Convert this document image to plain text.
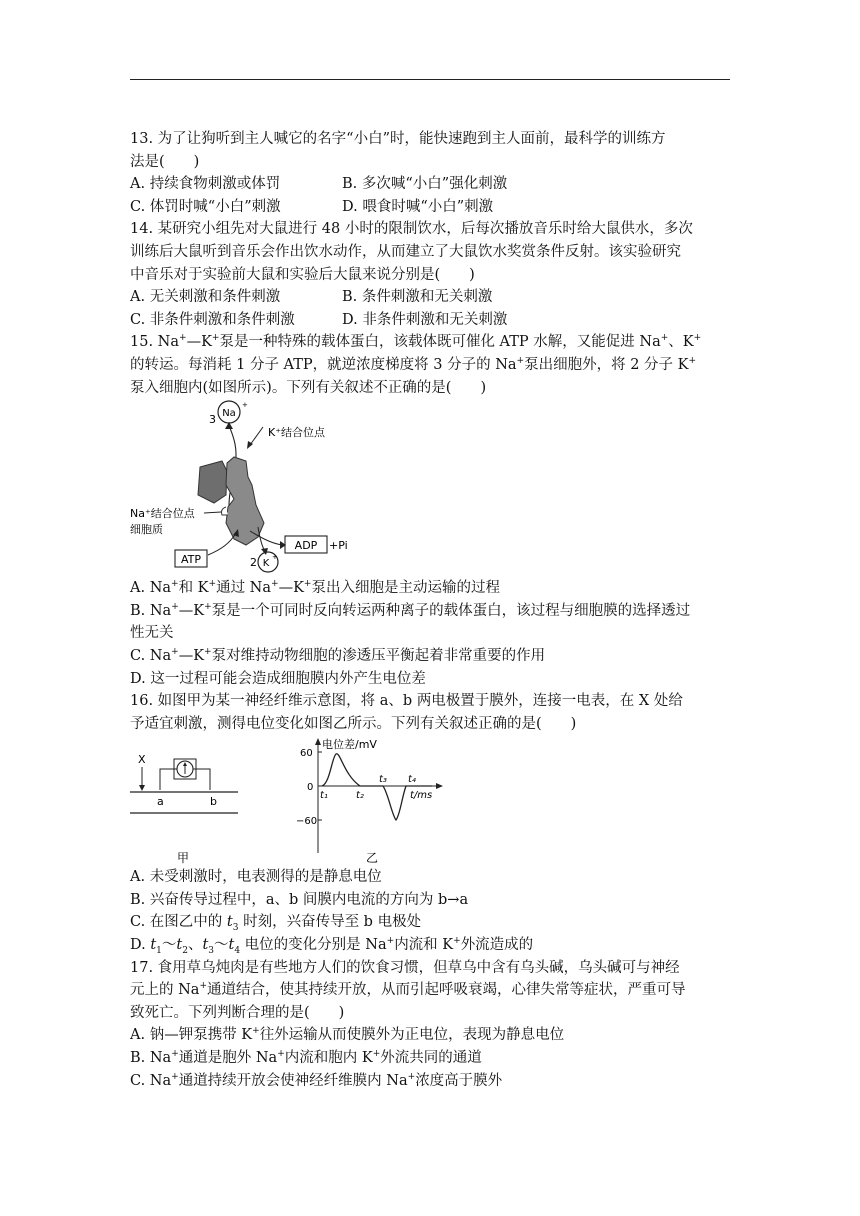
13. 为了让狗听到主人喊它的名字“小白”时，能快速跑到主人面前，最科学的训练方
法是(　　)
A. 持续食物刺激或体罚	B. 多次喊“小白”强化刺激
C. 体罚时喊“小白”刺激	D. 喂食时喊“小白”刺激
14. 某研究小组先对大鼠进行 48 小时的限制饮水，后每次播放音乐时给大鼠供水，多次
训练后大鼠听到音乐会作出饮水动作，从而建立了大鼠饮水奖赏条件反射。该实验研究
中音乐对于实验前大鼠和实验后大鼠来说分别是(　　)
A. 无关刺激和条件刺激	B. 条件刺激和无关刺激
C. 非条件刺激和条件刺激	D. 非条件刺激和无关刺激
15. Na+—K+泵是一种特殊的载体蛋白，该载体既可催化 ATP 水解，又能促进 Na+、K+
的转运。每消耗 1 分子 ATP，就逆浓度梯度将 3 分子的 Na+泵出细胞外，将 2 分子 K+
泵入细胞内(如图所示)。下列有关叙述不正确的是(　　)
Na
+
3
K⁺结合位点
Na⁺结合位点
细胞质
ATP
ADP +Pi
K
+
2
A. Na+和 K+通过 Na+—K+泵出入细胞是主动运输的过程
B. Na+—K+泵是一个可同时反向转运两种离子的载体蛋白，该过程与细胞膜的选择透过
性无关
C. Na+—K+泵对维持动物细胞的渗透压平衡起着非常重要的作用
D. 这一过程可能会造成细胞膜内外产生电位差
16. 如图甲为某一神经纤维示意图，将 a、b 两电极置于膜外，连接一电表，在 X 处给
予适宜刺激，测得电位变化如图乙所示。下列有关叙述正确的是(　　)
X
a	b
甲
电位差/mV
60
0
−60
t₁	t₂
t₃ t₄
t/ms
乙
A. 未受刺激时，电表测得的是静息电位
B. 兴奋传导过程中，a、b 间膜内电流的方向为 b→a
C. 在图乙中的 $t_3$ 时刻，兴奋传导至 b 电极处
D. $t_1\sim t_2$、$t_3\sim t_4$ 电位的变化分别是 Na+内流和 K+外流造成的
17. 食用草乌炖肉是有些地方人们的饮食习惯，但草乌中含有乌头碱，乌头碱可与神经
元上的 Na+通道结合，使其持续开放，从而引起呼吸衰竭，心律失常等症状，严重可导
致死亡。下列判断合理的是(　　)
A. 钠—钾泵携带 K+往外运输从而使膜外为正电位，表现为静息电位
B. Na+通道是胞外 Na+内流和胞内 K+外流共同的通道
C. Na+通道持续开放会使神经纤维膜内 Na+浓度高于膜外
